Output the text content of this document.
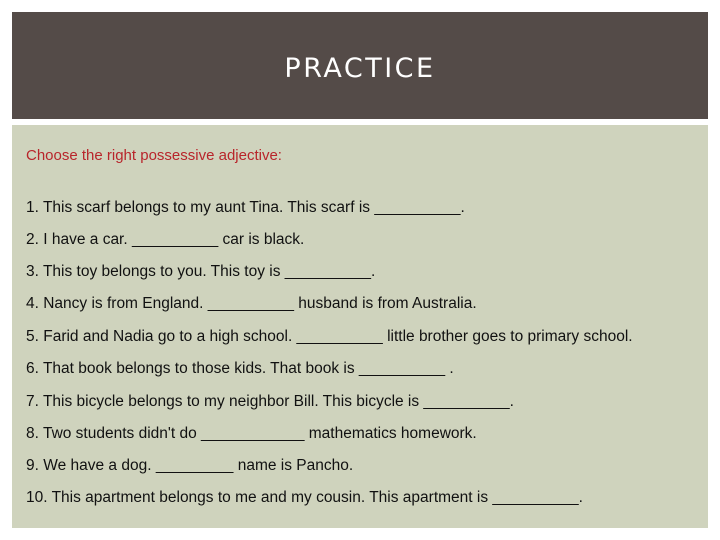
PRACTICE
Choose the right possessive adjective:
1. This scarf belongs to my aunt Tina. This scarf is __________.
2. I have a car. __________ car is black.
3. This toy belongs to you. This toy is __________.
4. Nancy is from England. __________ husband is from Australia.
5. Farid and Nadia go to a high school. __________ little brother goes to primary school.
6. That book belongs to those kids. That book is __________ .
7. This bicycle belongs to my neighbor Bill. This bicycle is __________.
8. Two students didn't do ____________ mathematics homework.
9. We have a dog. _________ name is Pancho.
10. This apartment belongs to me and my cousin. This apartment is __________.
